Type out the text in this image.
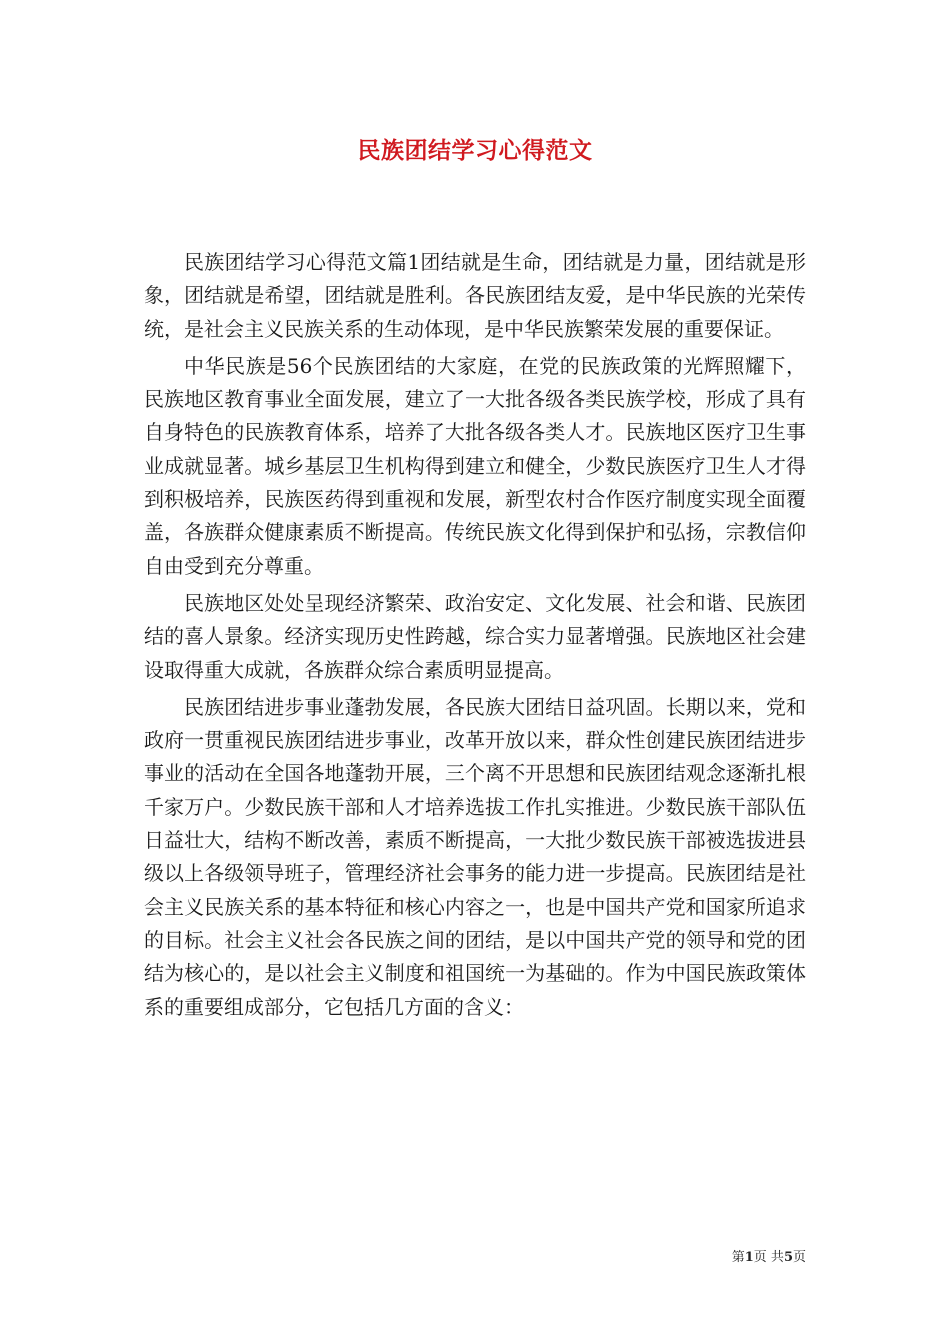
民族团结学习心得范文

民族团结学习心得范文篇1团结就是生命，团结就是力量，团结就是形象，团结就是希望，团结就是胜利。各民族团结友爱，是中华民族的光荣传统，是社会主义民族关系的生动体现，是中华民族繁荣发展的重要保证。

中华民族是56个民族团结的大家庭，在党的民族政策的光辉照耀下，民族地区教育事业全面发展，建立了一大批各级各类民族学校，形成了具有自身特色的民族教育体系，培养了大批各级各类人才。民族地区医疗卫生事业成就显著。城乡基层卫生机构得到建立和健全，少数民族医疗卫生人才得到积极培养，民族医药得到重视和发展，新型农村合作医疗制度实现全面覆盖，各族群众健康素质不断提高。传统民族文化得到保护和弘扬，宗教信仰自由受到充分尊重。

民族地区处处呈现经济繁荣、政治安定、文化发展、社会和谐、民族团结的喜人景象。经济实现历史性跨越，综合实力显著增强。民族地区社会建设取得重大成就，各族群众综合素质明显提高。

民族团结进步事业蓬勃发展，各民族大团结日益巩固。长期以来，党和政府一贯重视民族团结进步事业，改革开放以来，群众性创建民族团结进步事业的活动在全国各地蓬勃开展，三个离不开思想和民族团结观念逐渐扎根千家万户。少数民族干部和人才培养选拔工作扎实推进。少数民族干部队伍日益壮大，结构不断改善，素质不断提高，一大批少数民族干部被选拔进县级以上各级领导班子，管理经济社会事务的能力进一步提高。民族团结是社会主义民族关系的基本特征和核心内容之一，也是中国共产党和国家所追求的目标。社会主义社会各民族之间的团结，是以中国共产党的领导和党的团结为核心的，是以社会主义制度和祖国统一为基础的。作为中国民族政策体系的重要组成部分，它包括几方面的含义：

第1页 共5页
